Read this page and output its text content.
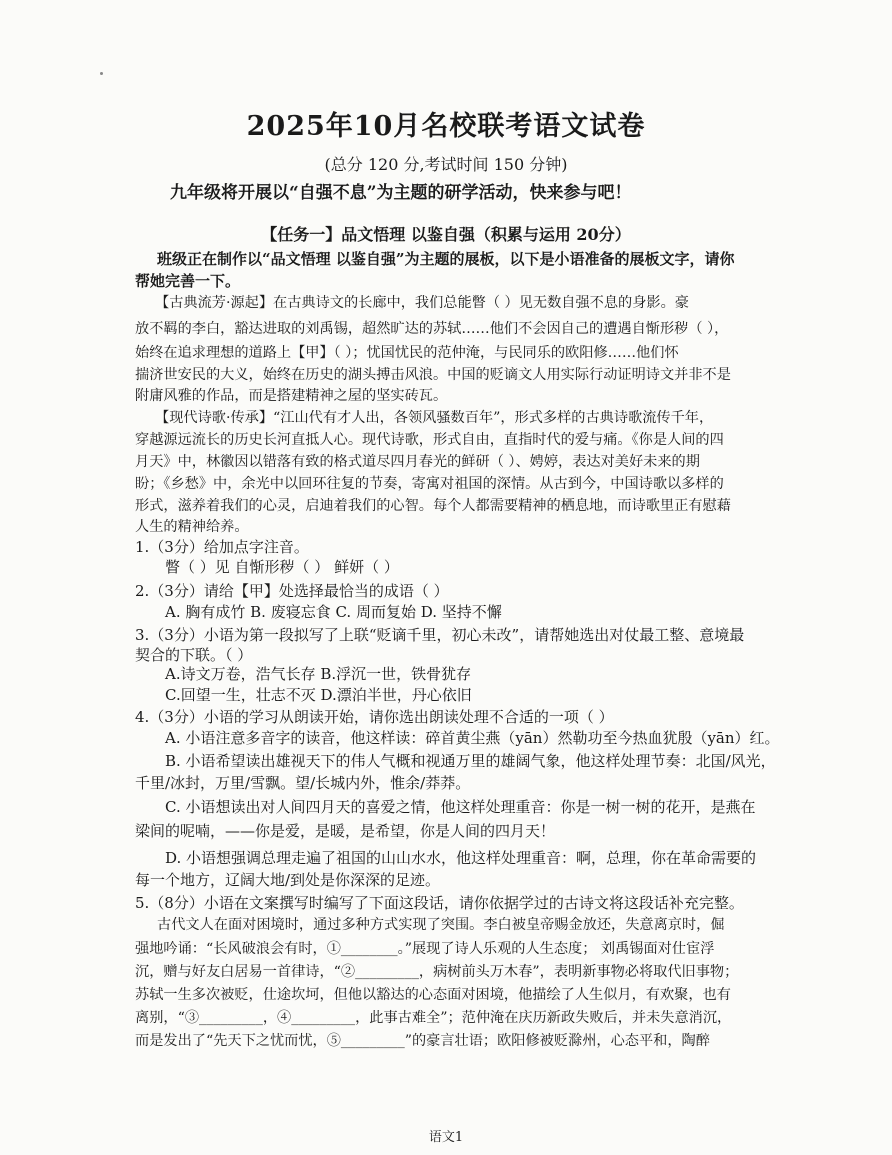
2025年10月名校联考语文试卷
(总分 120 分,考试时间 150 分钟)
九年级将开展以“自强不息”为主题的研学活动，快来参与吧！
【任务一】品文悟理 以鉴自强（积累与运用 20分）
班级正在制作以“品文悟理 以鉴自强”为主题的展板，以下是小语准备的展板文字，请你
帮她完善一下。
【古典流芳·源起】在古典诗文的长廊中，我们总能瞥（ ）见无数自强不息的身影。豪
放不羁的李白，豁达进取的刘禹锡，超然旷达的苏轼……他们不会因自己的遭遇自惭形秽（ ），
始终在追求理想的道路上【甲】（ ）；忧国忧民的范仲淹，与民同乐的欧阳修……他们怀
揣济世安民的大义，始终在历史的湖头搏击风浪。中国的贬谪文人用实际行动证明诗文并非不是
附庸风雅的作品，而是搭建精神之屋的坚实砖瓦。
【现代诗歌·传承】“江山代有才人出，各领风骚数百年”，形式多样的古典诗歌流传千年，
穿越源远流长的历史长河直抵人心。现代诗歌，形式自由，直指时代的爱与痛。《你是人间的四
月天》中，林徽因以错落有致的格式道尽四月春光的鲜研（ ）、娉婷，表达对美好未来的期
盼；《乡愁》中，余光中以回环往复的节奏，寄寓对祖国的深情。从古到今，中国诗歌以多样的
形式，滋养着我们的心灵，启迪着我们的心智。每个人都需要精神的栖息地，而诗歌里正有慰藉
人生的精神给养。
1.（3分）给加点字注音。
瞥（ ）见 自惭形秽（ ） 鲜妍（ ）
2.（3分）请给【甲】处选择最恰当的成语（ ）
A. 胸有成竹 B. 废寝忘食 C. 周而复始 D. 坚持不懈
3.（3分）小语为第一段拟写了上联“贬谪千里，初心未改”，请帮她选出对仗最工整、意境最
契合的下联。（ ）
A.诗文万卷，浩气长存 B.浮沉一世，铁骨犹存
C.回望一生，壮志不灭 D.漂泊半世，丹心依旧
4.（3分）小语的学习从朗读开始，请你选出朗读处理不合适的一项（ ）
A. 小语注意多音字的读音，他这样读：碎首黄尘燕（yān）然勒功至今热血犹殷（yān）红。
B. 小语希望读出雄视天下的伟人气概和视通万里的雄阔气象，他这样处理节奏：北国/风光，
千里/冰封，万里/雪飘。望/长城内外，惟余/莽莽。
C. 小语想读出对人间四月天的喜爱之情，他这样处理重音：你是一树一树的花开，是燕在
梁间的呢喃，——你是爱，是暖，是希望，你是人间的四月天！
D. 小语想强调总理走遍了祖国的山山水水，他这样处理重音：啊，总理，你在革命需要的
每一个地方，辽阔大地/到处是你深深的足迹。
5.（8分）小语在文案撰写时编写了下面这段话，请你依据学过的古诗文将这段话补充完整。
古代文人在面对困境时，通过多种方式实现了突围。李白被皇帝赐金放还，失意离京时，倔
强地吟诵：“长风破浪会有时，①________。”展现了诗人乐观的人生态度； 刘禹锡面对仕宦浮
沉，赠与好友白居易一首律诗，“②_________，病树前头万木春”，表明新事物必将取代旧事物；
苏轼一生多次被贬，仕途坎坷，但他以豁达的心态面对困境，他描绘了人生似月，有欢聚，也有
离别，“③_________，④_________，此事古难全”；范仲淹在庆历新政失败后，并未失意消沉，
而是发出了“先天下之忧而忧，⑤_________”的豪言壮语；欧阳修被贬滁州，心态平和，陶醉
语文1
